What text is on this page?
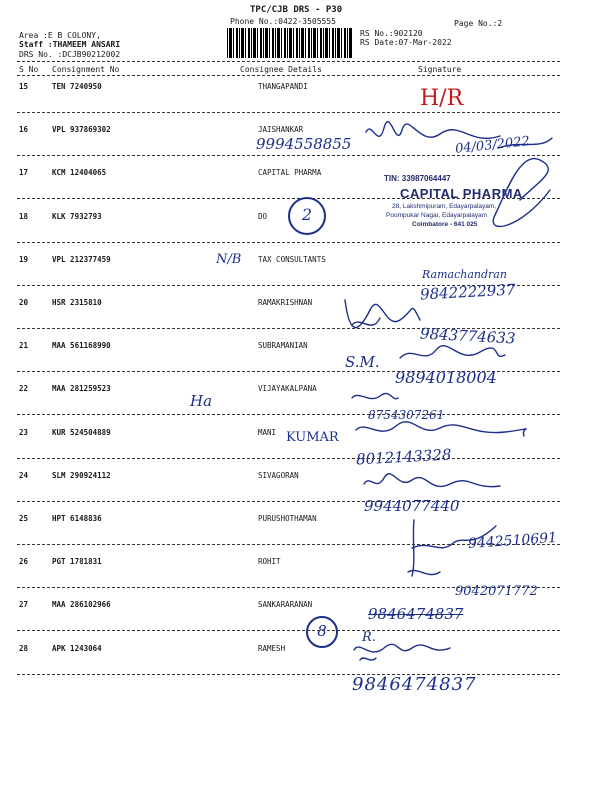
TPC/CJB DRS - P30
Phone No.:0422-3505555
Area :E B COLONY,
Staff :THAMEEM ANSARI
DRS No. :DCJB90212002
RS No.:902120
RS Date:07-Mar-2022
Page No.:2
S No Consignment No	Consignee Details	Signature
15	TEN 7240950	THANGAPANDI
16	VPL 937869302	JAISHANKAR
17	KCM 12404065	CAPITAL PHARMA
18	KLK 7932793	DO
19	VPL 212377459	TAX CONSULTANTS
20	HSR 2315810	RAMAKRISHNAN
21	MAA 561168990	SUBRAMANIAN
22	MAA 281259523	VIJAYAKALPANA
23	KUR 524504889	MANI
24	SLM 290924112	SIVAGORAN
25	HPT 6148836	PURUSHOTHAMAN
26	PGT 1781831	ROHIT
27	MAA 286102966	SANKARARANAN
28	APK 1243064	RAMESH
TIN: 33987064447
CAPITAL PHARMA
28, Lakshmipuram, Edayarpalayam,
Poompukar Nagar, Edayarpalayam
Coimbatore - 641 025
H/R
9994558855	04/03/2022
N/B
2
Ramachandran
9842222937
9843774633
S.M.
9894018004
Ha
8754307261
KUMAR
8012143328
9944077440
9442510691
9042071772
9846474837
8	R.
9846474837
